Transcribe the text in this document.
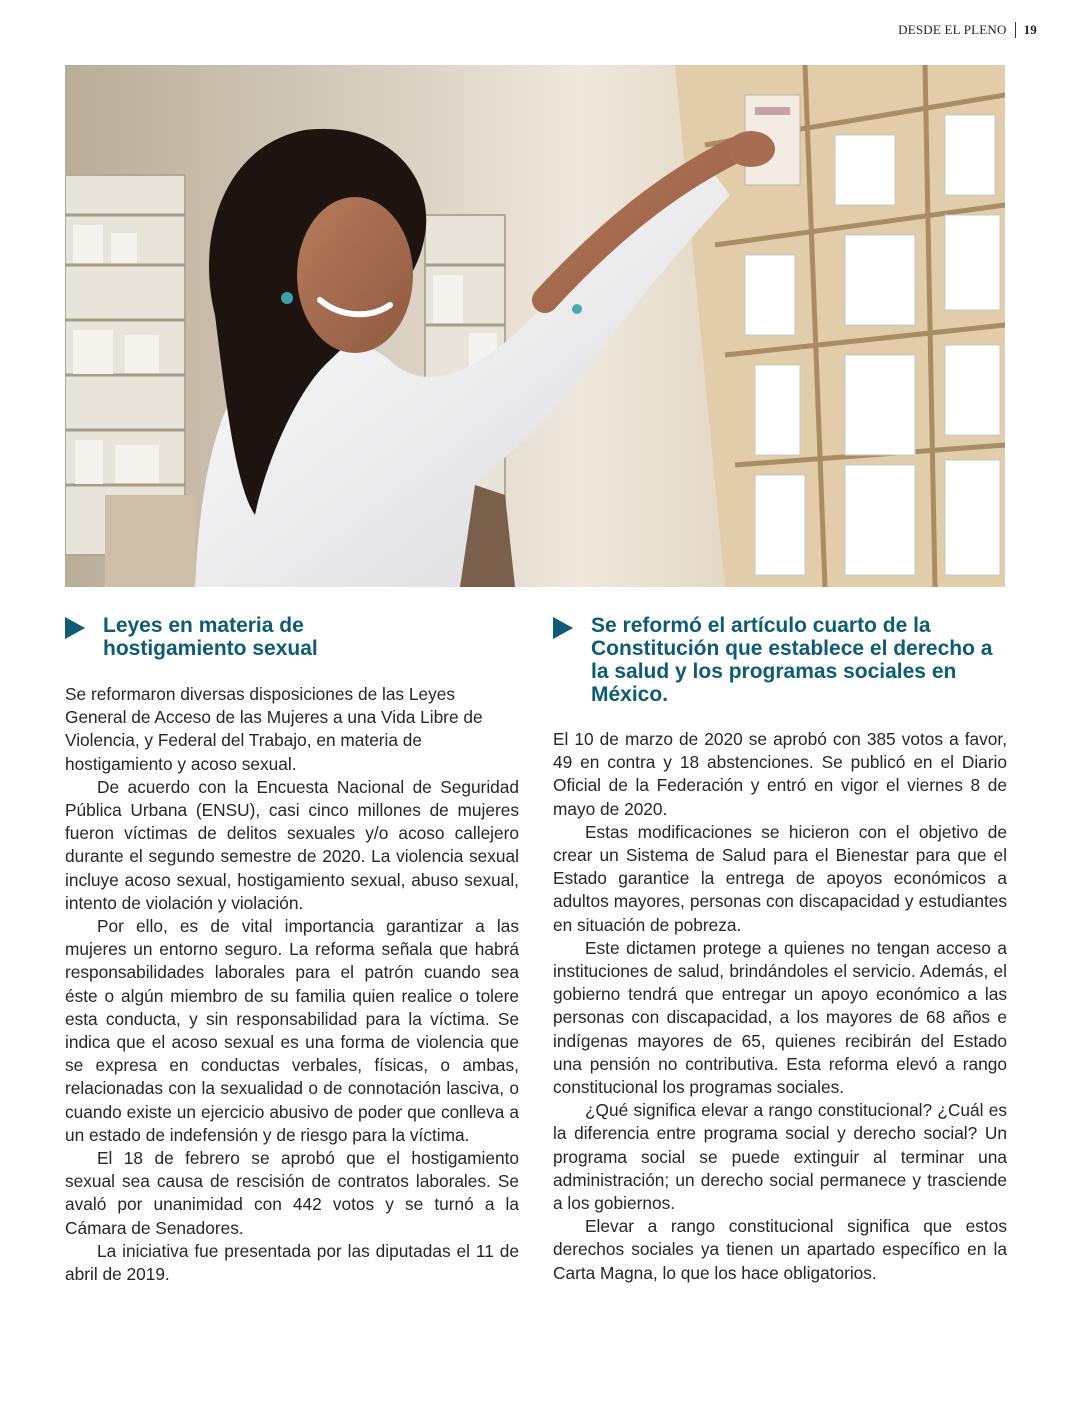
DESDE EL PLENO 19
Leyes en materia de hostigamiento sexual

Se reformaron diversas disposiciones de las Leyes General de Acceso de las Mujeres a una Vida Libre de Violencia, y Federal del Trabajo, en materia de hostigamiento y acoso sexual.

De acuerdo con la Encuesta Nacional de Seguridad Pública Urbana (ENSU), casi cinco millones de mujeres fueron víctimas de delitos sexuales y/o acoso callejero durante el segundo semestre de 2020. La violencia sexual incluye acoso sexual, hostigamiento sexual, abuso sexual, intento de violación y violación.

Por ello, es de vital importancia garantizar a las mujeres un entorno seguro. La reforma señala que habrá responsabilidades laborales para el patrón cuando sea éste o algún miembro de su familia quien realice o tolere esta conducta, y sin responsabilidad para la víctima. Se indica que el acoso sexual es una forma de violencia que se expresa en conductas verbales, físicas, o ambas, relacionadas con la sexualidad o de connotación lasciva, o cuando existe un ejercicio abusivo de poder que conlleva a un estado de indefensión y de riesgo para la víctima.

El 18 de febrero se aprobó que el hostigamiento sexual sea causa de rescisión de contratos laborales. Se avaló por unanimidad con 442 votos y se turnó a la Cámara de Senadores.

La iniciativa fue presentada por las diputadas el 11 de abril de 2019.

Se reformó el artículo cuarto de la Constitución que establece el derecho a la salud y los programas sociales en México.

El 10 de marzo de 2020 se aprobó con 385 votos a favor, 49 en contra y 18 abstenciones. Se publicó en el Diario Oficial de la Federación y entró en vigor el viernes 8 de mayo de 2020.

Estas modificaciones se hicieron con el objetivo de crear un Sistema de Salud para el Bienestar para que el Estado garantice la entrega de apoyos económicos a adultos mayores, personas con discapacidad y estudiantes en situación de pobreza.

Este dictamen protege a quienes no tengan acceso a instituciones de salud, brindándoles el servicio. Además, el gobierno tendrá que entregar un apoyo económico a las personas con discapacidad, a los mayores de 68 años e indígenas mayores de 65, quienes recibirán del Estado una pensión no contributiva. Esta reforma elevó a rango constitucional los programas sociales.

¿Qué significa elevar a rango constitucional? ¿Cuál es la diferencia entre programa social y derecho social? Un programa social se puede extinguir al terminar una administración; un derecho social permanece y trasciende a los gobiernos.

Elevar a rango constitucional significa que estos derechos sociales ya tienen un apartado específico en la Carta Magna, lo que los hace obligatorios.
